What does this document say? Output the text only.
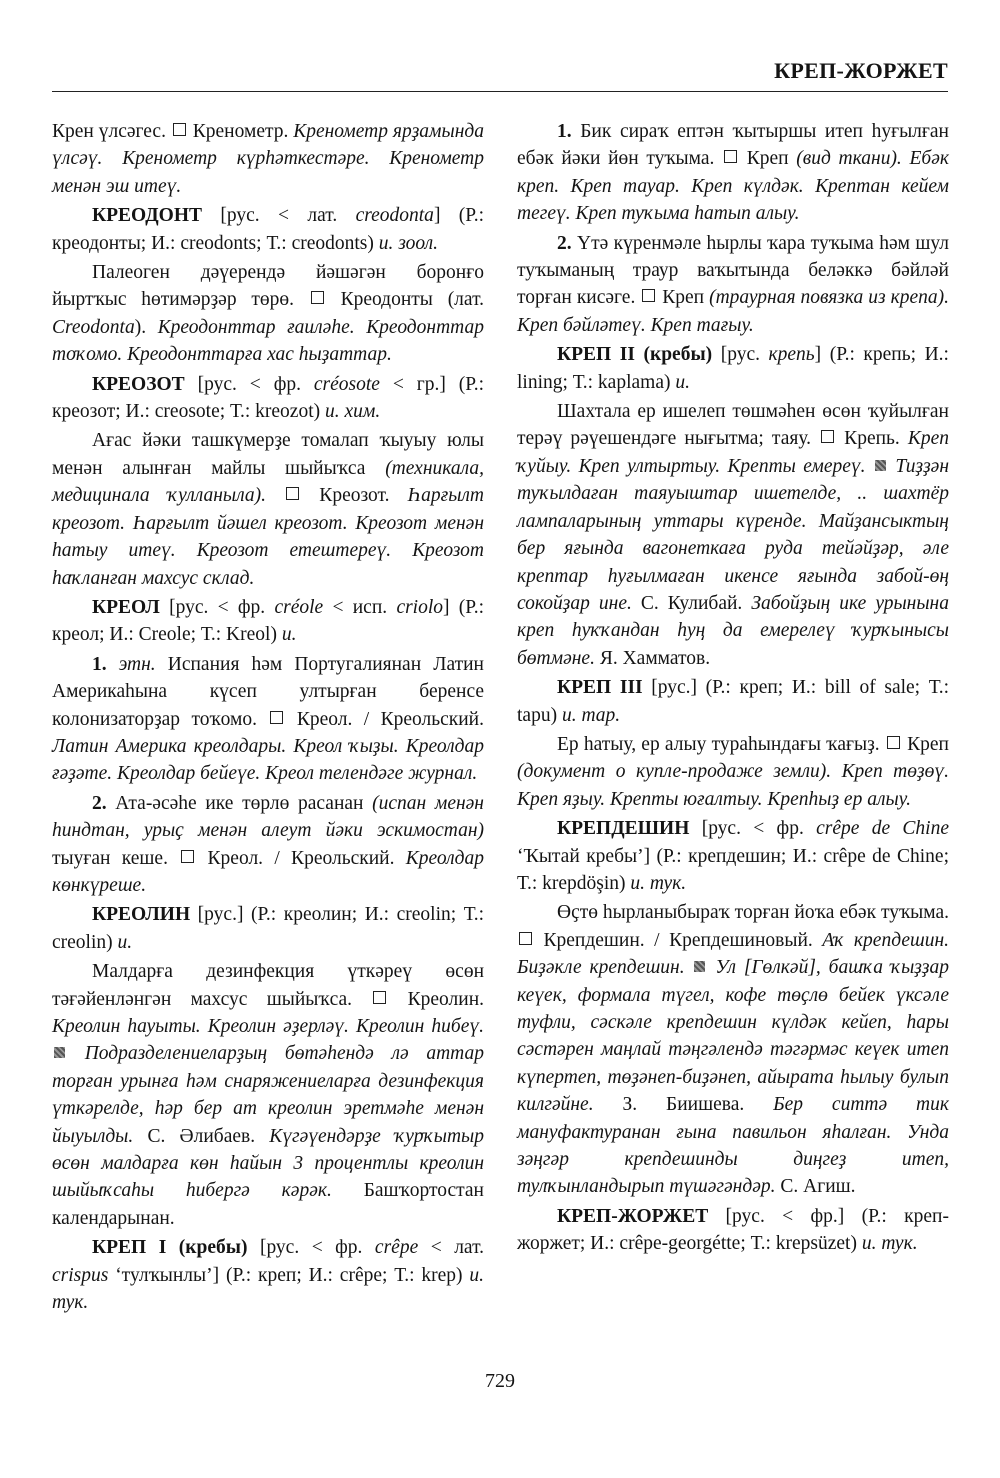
КРЕП-ЖОРЖЕТ

Крен үлсәгес.  Кренометр. Кренометр ярҙамында үлсәү. Кренометр күрһәткестәре. Кренометр менән эш итеү.

КРЕОДОНТ [рус. < лат. creodonta] (Р.: креодонты; И.: creodonts; Т.: creodonts) и. зоол.

Палеоген дәүерендә йәшәгән боронғо йыртҡыс һөтимәрҙәр төрө.  Креодонты (лат. Creodonta). Креодонттар ғаиләһе. Креодонттар тоҡомо. Креодонттарға хас һыҙаттар.

КРЕОЗОТ [рус. < фр. créosote < гр.] (Р.: креозот; И.: creosote; Т.: kreozot) и. хим.

Ағас йәки ташкүмерҙе томалап ҡыуыу юлы менән алынған майлы шыйыҡса (техникала, медицинала ҡулланыла).  Креозот. Һарғылт креозот. Һарғылт йәшел креозот. Креозот менән һатыу итеү. Креозот етештереү. Креозот һаҡланған махсус склад.

КРЕОЛ [рус. < фр. créole < исп. criolo] (Р.: креол; И.: Creole; Т.: Kreol) и.

1. этн. Испания һәм Португалиянан Латин Америкаһына күсеп ултырған беренсе колонизаторҙар тоҡомо.  Креол. / Креольский. Латин Америка креолдары. Креол ҡыҙы. Креолдар ғәҙәте. Креолдар бейеүе. Креол телендәге журнал.

2. Ата-әсәһе ике төрлө расанан (испан менән һиндтан, урыҫ менән алеут йәки эскимостан) тыуған кеше.  Креол. / Креольский. Креолдар көнкүреше.

КРЕОЛИН [рус.] (Р.: креолин; И.: creolin; Т.: creolin) и.

Малдарға дезинфекция үткәреү өсөн тәғәйенләнгән махсус шыйыҡса.  Креолин. Креолин һауыты. Креолин әҙерләү. Креолин һибеү.  Подразделениеларҙың бөтәһендә лә аттар торған урынға һәм снаряжениеларға дезинфекция үткәрелде, һәр бер ат креолин эретмәһе менән йыуылды. С. Әлибаев. Күгәүендәрҙе ҡурҡытыр өсөн малдарға көн һайын 3 процентлы креолин шыйыҡсаһы һибергә кәрәк. Башҡортостан календарынан.

КРЕП I (кребы) [рус. < фр. crêpe < лат. crispus ‘тулҡынлы’] (Р.: креп; И.: crêpe; Т.: krep) и. тук.

1. Бик сираҡ ептән ҡытыршы итеп һуғылған ебәк йәки йөн туҡыма.  Креп (вид ткани). Ебәк креп. Креп тауар. Креп күлдәк. Крептан кейем тегеү. Креп туҡыма һатып алыу.

2. Үтә күренмәле һырлы ҡара туҡыма һәм шул туҡыманың траур ваҡытында беләккә бәйләй торған кисәге.  Креп (траурная повязка из крепа). Креп бәйләтеү. Креп тағыу.

КРЕП II (кребы) [рус. крепь] (Р.: крепь; И.: lining; Т.: kaplama) и.

Шахтала ер ишелеп төшмәһен өсөн ҡуйылған терәү рәүешендәге нығытма; таяу.  Крепь. Креп ҡуйыу. Креп ултыртыу. Крепты емереү. Тиҙҙән туҡылдаған таяуыштар ишетелде, .. шахтёр лампаларының уттары күренде. Майҙансыктың бер яғында вагонеткаға руда тейәйҙәр, әле крептар һуғылмаған икенсе яғында забой-өң сокойҙар ине. С. Кулибай. Забойҙың ике урынына креп һуҡҡандан һуң да емерелеү ҡурҡынысы бөтмәне. Я. Хамматов.

КРЕП III [рус.] (Р.: креп; И.: bill of sale; Т.: tapu) и. тар.

Ер һатыу, ер алыу тураһындағы ҡағыҙ.  Креп (документ о купле-продаже земли). Креп төҙөү. Креп яҙыу. Крепты юғалтыу. Крепһыҙ ер алыу.

КРЕПДЕШИН [рус. < фр. crêpe de Chine ‘Ҡытай кребы’] (Р.: крепдешин; И.: crêpe de Chine; Т.: krepdöşin) и. тук.

Өҫтө һырланыбыраҡ торған йоҡа ебәк туҡыма.  Крепдешин. / Крепдешиновый. Аҡ крепдешин. Биҙәкле крепдешин. Ул [Гөлкәй], башҡа ҡыҙҙар кеүек, формала түгел, кофе төҫлө бейек үксәле туфли, сәскәле крепдешин күлдәк кейеп, һары сәстәрен маңлай тәңгәлендә тәгәрмәс кеүек итеп күпертеп, төҙәнеп-биҙәнеп, айырата һылыу булып килгәйне. З. Биишева. Бер ситтә тик мануфактуранан ғына павильон яһалған. Унда зәңгәр крепдешинды диңгеҙ итеп, тулҡынландырып түшәгәндәр. С. Агиш.

КРЕП-ЖОРЖЕТ [рус. < фр.] (Р.: креп-жоржет; И.: crêpe-georgétte; Т.: krepsüzet) и. тук.

729
